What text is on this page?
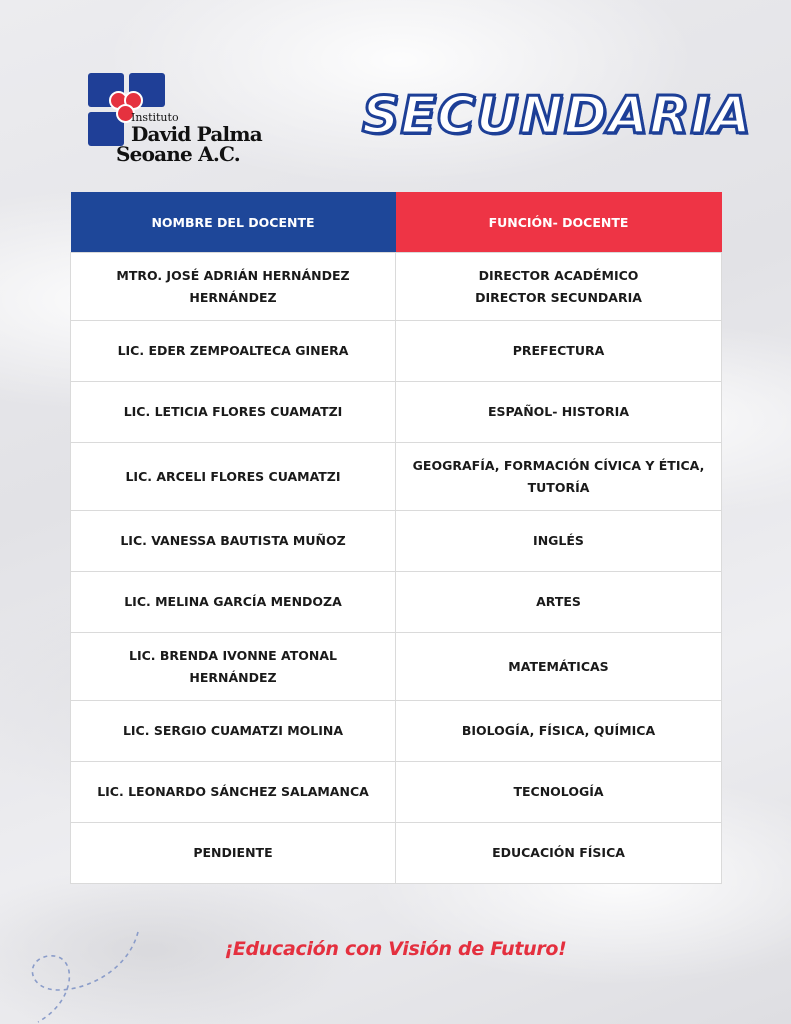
Instituto
David Palma
Seoane A.C.
SECUNDARIA
NOMBRE DEL DOCENTE	FUNCIÓN- DOCENTE
MTRO. JOSÉ ADRIÁN HERNÁNDEZ HERNÁNDEZ	DIRECTOR ACADÉMICO DIRECTOR SECUNDARIA
LIC. EDER ZEMPOALTECA GINERA	PREFECTURA
LIC. LETICIA FLORES CUAMATZI	ESPAÑOL- HISTORIA
LIC. ARCELI FLORES CUAMATZI	GEOGRAFÍA, FORMACIÓN CÍVICA Y ÉTICA, TUTORÍA
LIC. VANESSA BAUTISTA MUÑOZ	INGLÉS
LIC. MELINA GARCÍA MENDOZA	ARTES
LIC. BRENDA IVONNE ATONAL HERNÁNDEZ	MATEMÁTICAS
LIC. SERGIO CUAMATZI MOLINA	BIOLOGÍA, FÍSICA, QUÍMICA
LIC. LEONARDO SÁNCHEZ SALAMANCA	TECNOLOGÍA
PENDIENTE	EDUCACIÓN FÍSICA
¡Educación con Visión de Futuro!
